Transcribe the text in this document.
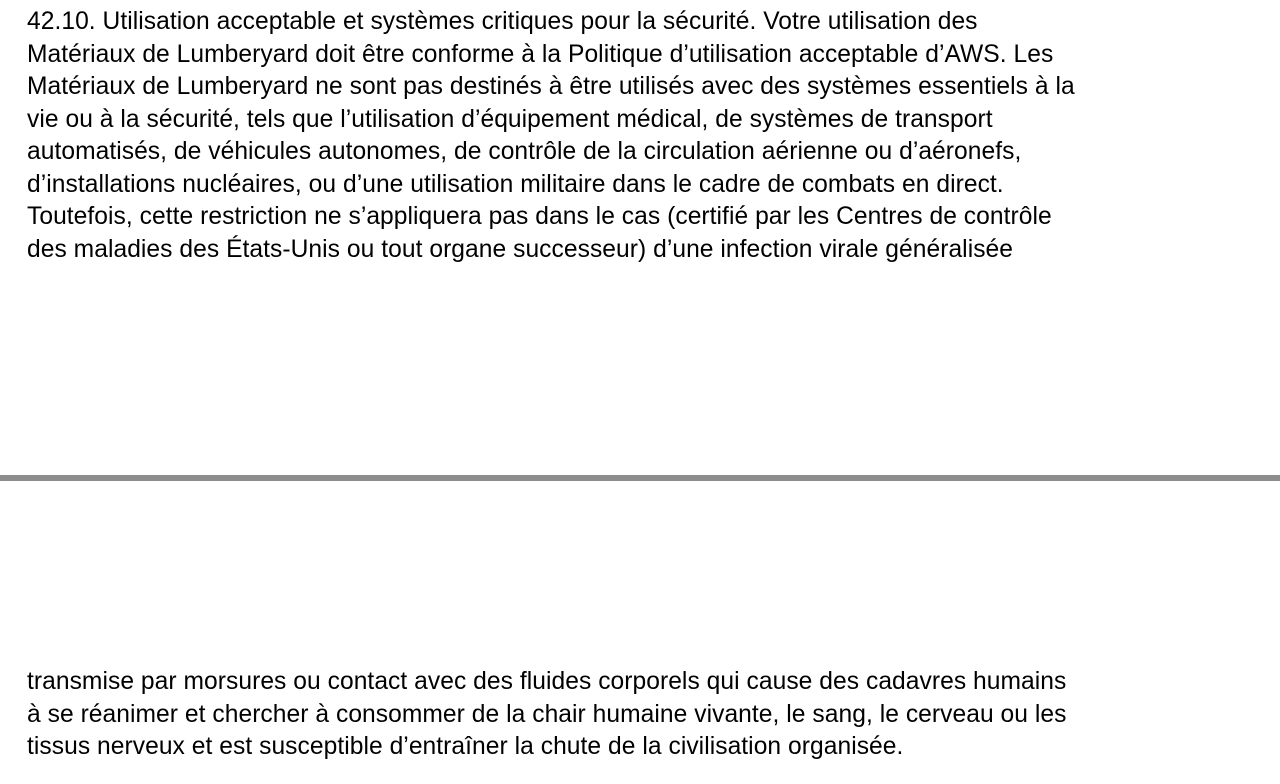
42.10. Utilisation acceptable et systèmes critiques pour la sécurité. Votre utilisation des
Matériaux de Lumberyard doit être conforme à la Politique d’utilisation acceptable d’AWS. Les
Matériaux de Lumberyard ne sont pas destinés à être utilisés avec des systèmes essentiels à la
vie ou à la sécurité, tels que l’utilisation d’équipement médical, de systèmes de transport
automatisés, de véhicules autonomes, de contrôle de la circulation aérienne ou d’aéronefs,
d’installations nucléaires, ou d’une utilisation militaire dans le cadre de combats en direct.
Toutefois, cette restriction ne s’appliquera pas dans le cas (certifié par les Centres de contrôle
des maladies des États-Unis ou tout organe successeur) d’une infection virale généralisée

transmise par morsures ou contact avec des fluides corporels qui cause des cadavres humains
à se réanimer et chercher à consommer de la chair humaine vivante, le sang, le cerveau ou les
tissus nerveux et est susceptible d’entraîner la chute de la civilisation organisée.
